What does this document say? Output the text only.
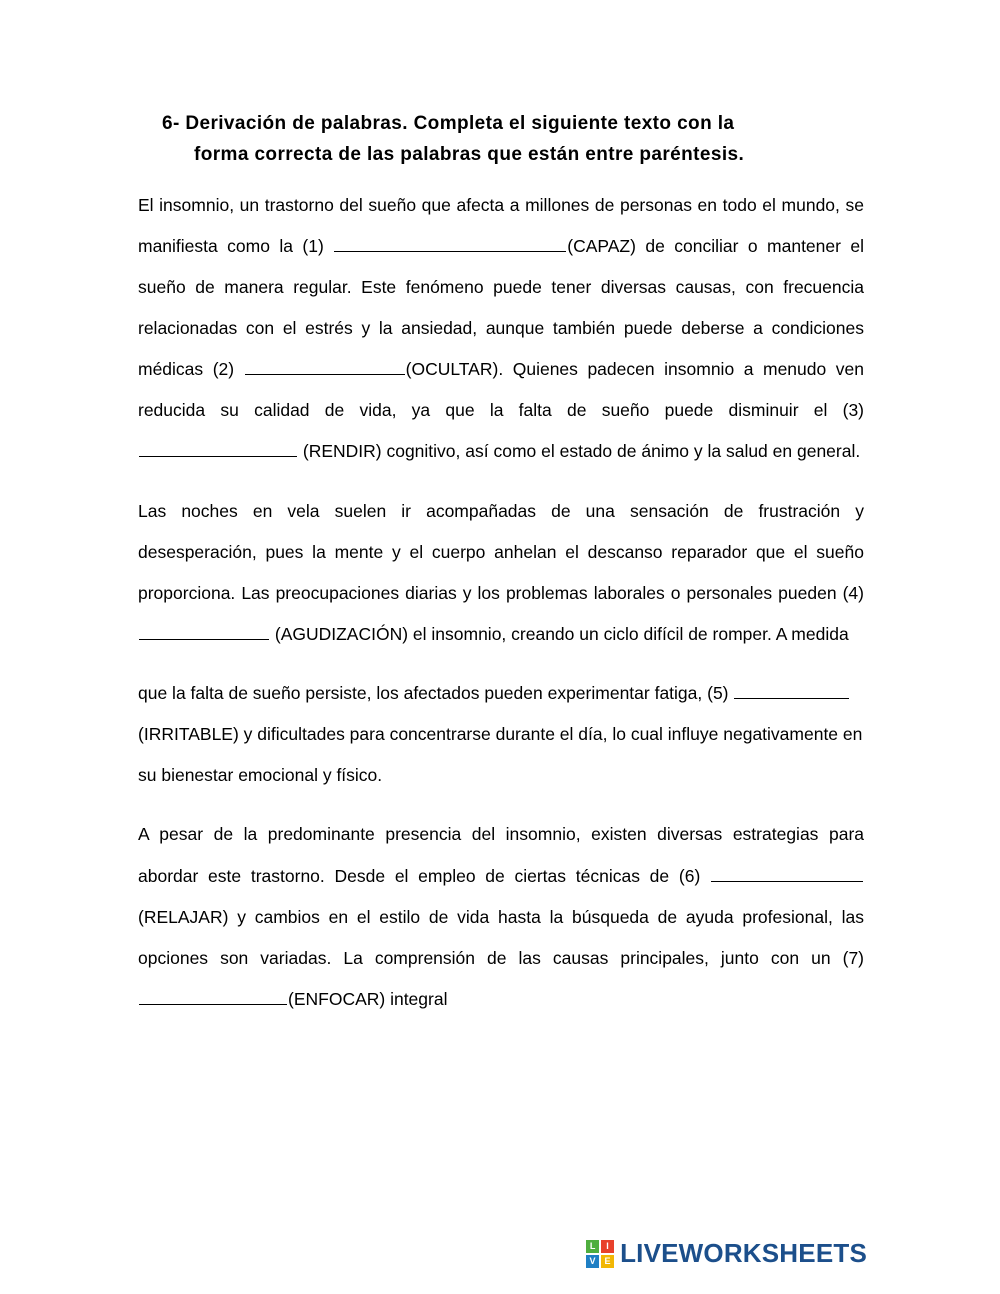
6- Derivación de palabras. Completa el siguiente texto con la
forma correcta de las palabras que están entre paréntesis.

El insomnio, un trastorno del sueño que afecta a millones de personas en todo el mundo, se manifiesta como la (1)	(CAPAZ) de conciliar o mantener el sueño de manera regular. Este fenómeno puede tener diversas causas, con frecuencia relacionadas con el estrés y la ansiedad, aunque también puede deberse a condiciones médicas (2)	(OCULTAR). Quienes padecen insomnio a menudo ven reducida su calidad de vida, ya que la falta de sueño puede disminuir el (3)  (RENDIR) cognitivo, así como el estado de ánimo y la salud en general.

Las noches en vela suelen ir acompañadas de una sensación de frustración y desesperación, pues la mente y el cuerpo anhelan el descanso reparador que el sueño proporciona. Las preocupaciones diarias y los problemas laborales o personales pueden (4)  (AGUDIZACIÓN) el insomnio, creando un ciclo difícil de romper. A medida

que la falta de sueño persiste, los afectados pueden experimentar fatiga, (5)  (IRRITABLE) y dificultades para concentrarse durante el día, lo cual influye negativamente en su bienestar emocional y físico.

A pesar de la predominante presencia del insomnio, existen diversas estrategias para abordar este trastorno. Desde el empleo de ciertas técnicas de (6)  (RELAJAR) y cambios en el estilo de vida hasta la búsqueda de ayuda profesional, las opciones son variadas. La comprensión de las causas principales, junto con un (7) (ENFOCAR) integral

L	I
V E LIVEWORKSHEETS
